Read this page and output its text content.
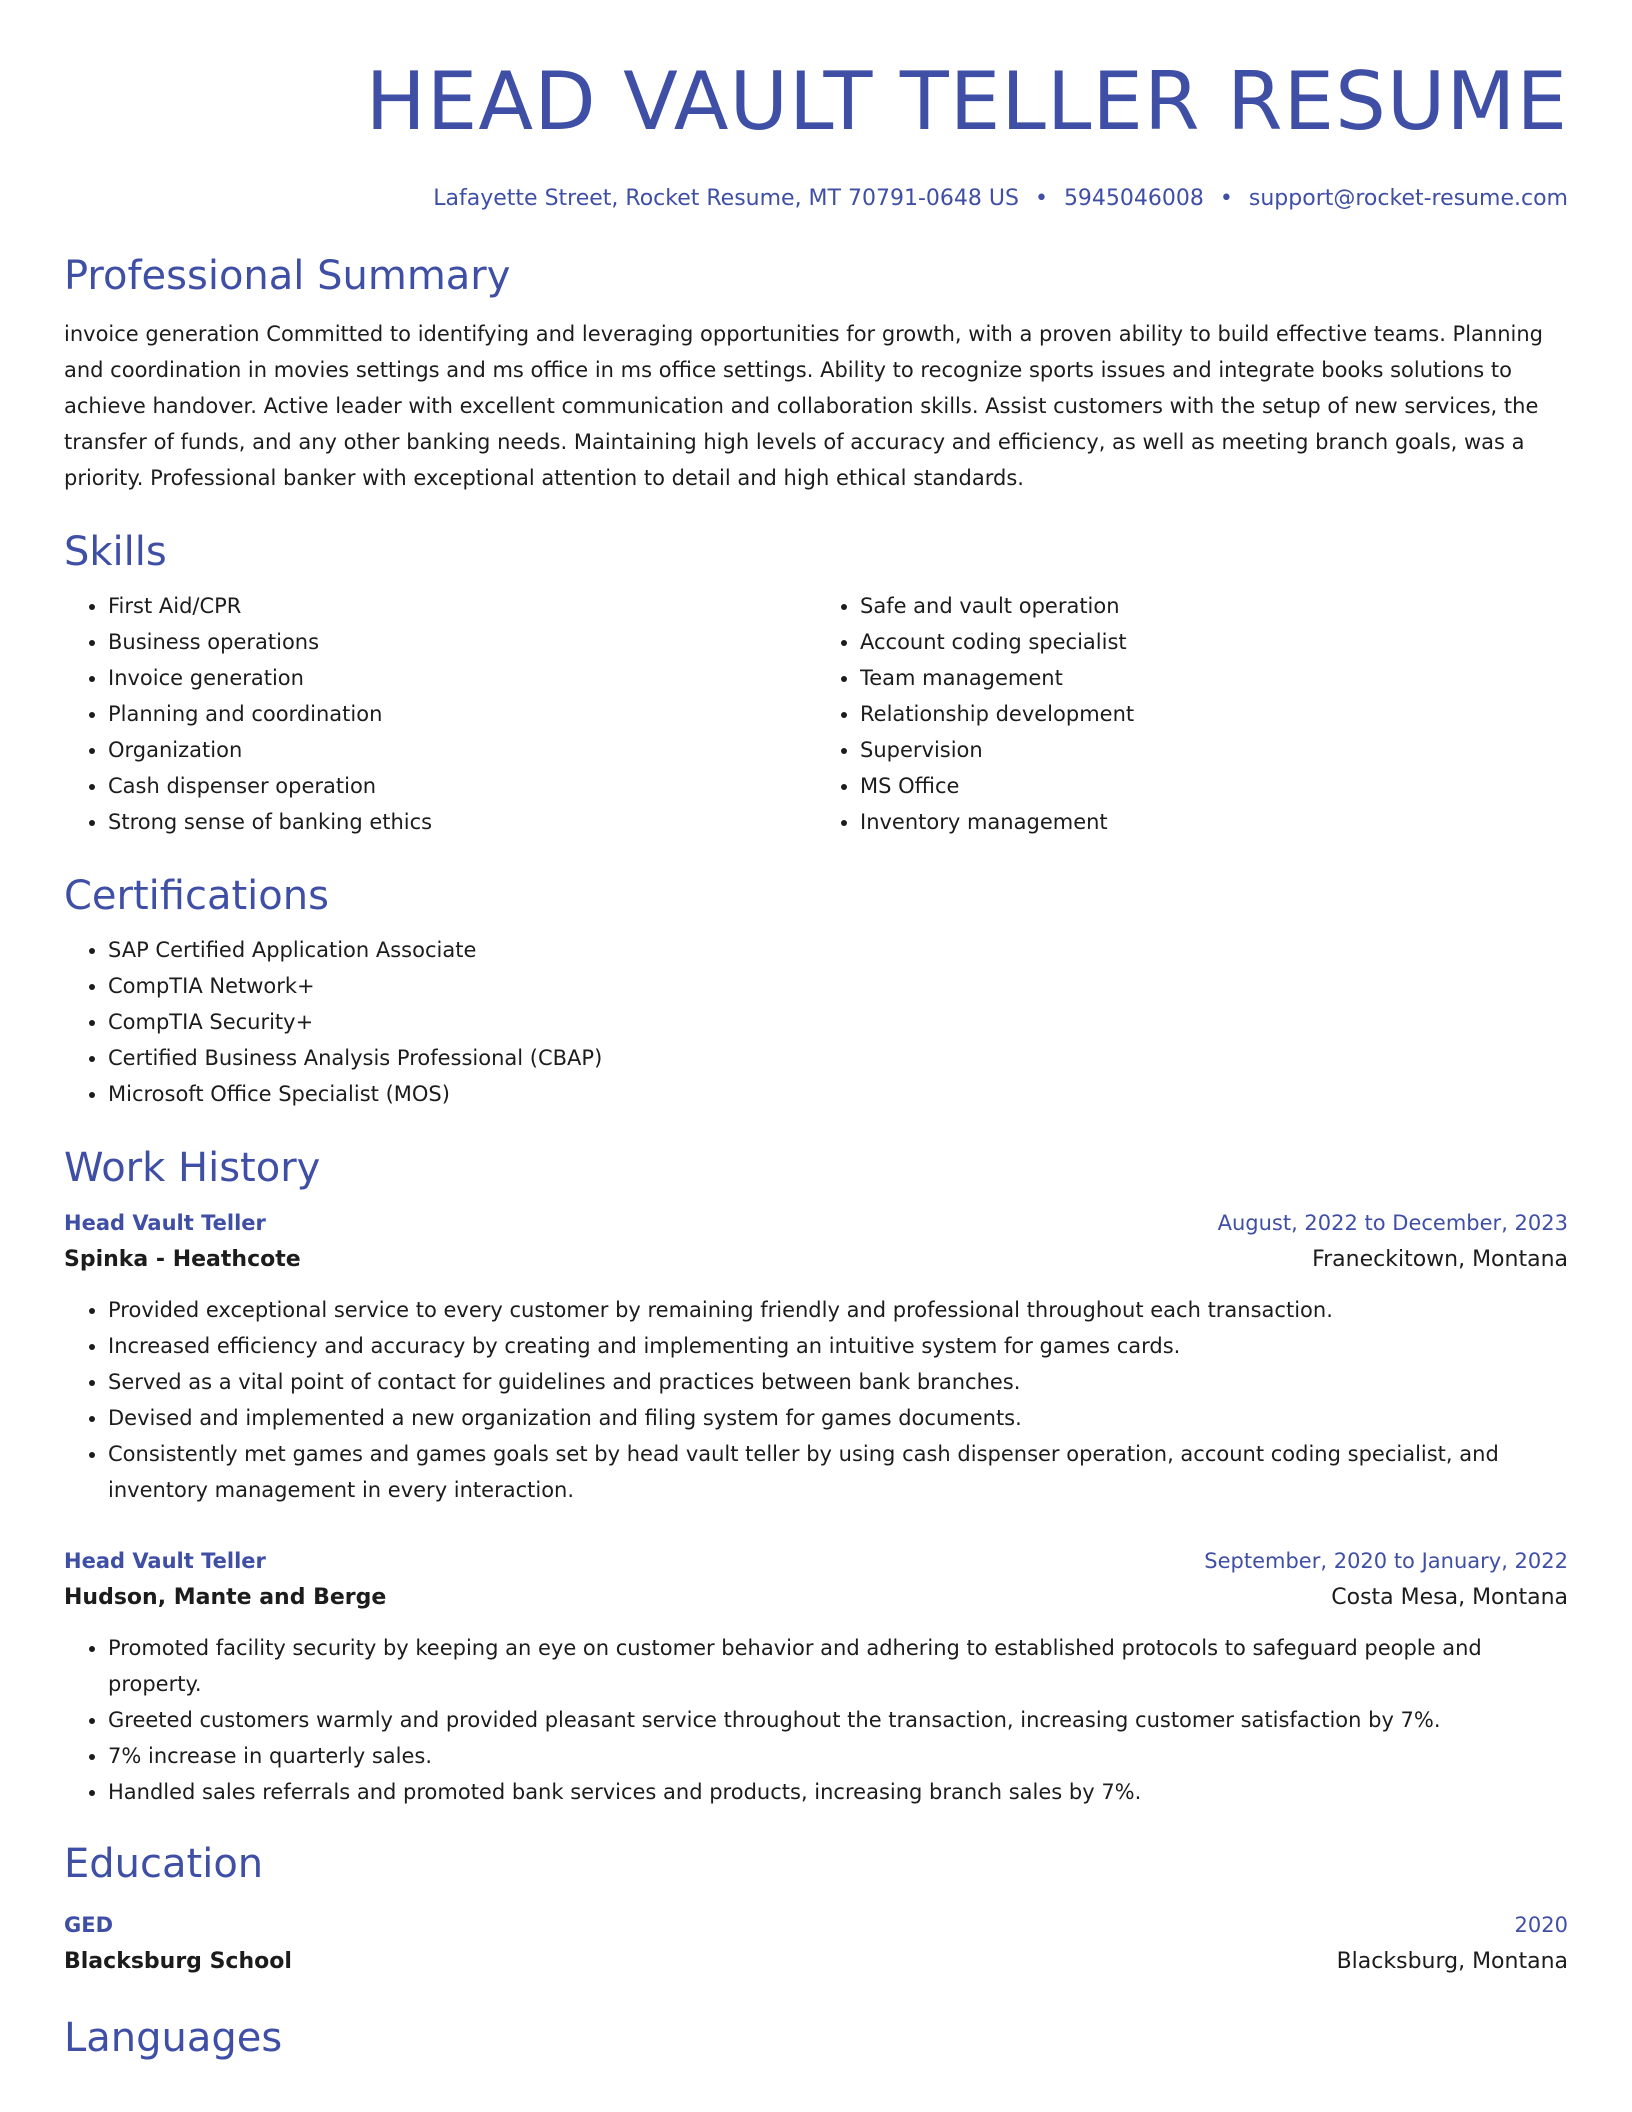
HEAD VAULT TELLER RESUME
Lafayette Street, Rocket Resume, MT 70791-0648 US • 5945046008 • support@rocket-resume.com
Professional Summary

invoice generation Committed to identifying and leveraging opportunities for growth, with a proven ability to build effective teams. Planning and coordination in movies settings and ms office in ms office settings. Ability to recognize sports issues and integrate books solutions to achieve handover. Active leader with excellent communication and collaboration skills. Assist customers with the setup of new services, the transfer of funds, and any other banking needs. Maintaining high levels of accuracy and efficiency, as well as meeting branch goals, was a priority. Professional banker with exceptional attention to detail and high ethical standards.

Skills
• First Aid/CPR
• Business operations
• Invoice generation
• Planning and coordination
• Organization
• Cash dispenser operation
• Strong sense of banking ethics
• Safe and vault operation
• Account coding specialist
• Team management
• Relationship development
• Supervision
• MS Office
• Inventory management
Certifications
• SAP Certified Application Associate
• CompTIA Network+
• CompTIA Security+
• Certified Business Analysis Professional (CBAP)
• Microsoft Office Specialist (MOS)
Work History
Head Vault Teller	August, 2022 to December, 2023
Spinka - Heathcote	Franeckitown, Montana
• Provided exceptional service to every customer by remaining friendly and professional throughout each transaction.
• Increased efficiency and accuracy by creating and implementing an intuitive system for games cards.
• Served as a vital point of contact for guidelines and practices between bank branches.
• Devised and implemented a new organization and filing system for games documents.
• Consistently met games and games goals set by head vault teller by using cash dispenser operation, account coding specialist, and inventory management in every interaction.
Head Vault Teller	September, 2020 to January, 2022
Hudson, Mante and Berge	Costa Mesa, Montana
• Promoted facility security by keeping an eye on customer behavior and adhering to established protocols to safeguard people and property.
• Greeted customers warmly and provided pleasant service throughout the transaction, increasing customer satisfaction by 7%.
• 7% increase in quarterly sales.
• Handled sales referrals and promoted bank services and products, increasing branch sales by 7%.
Education
GED	2020
Blacksburg School	Blacksburg, Montana
Languages
